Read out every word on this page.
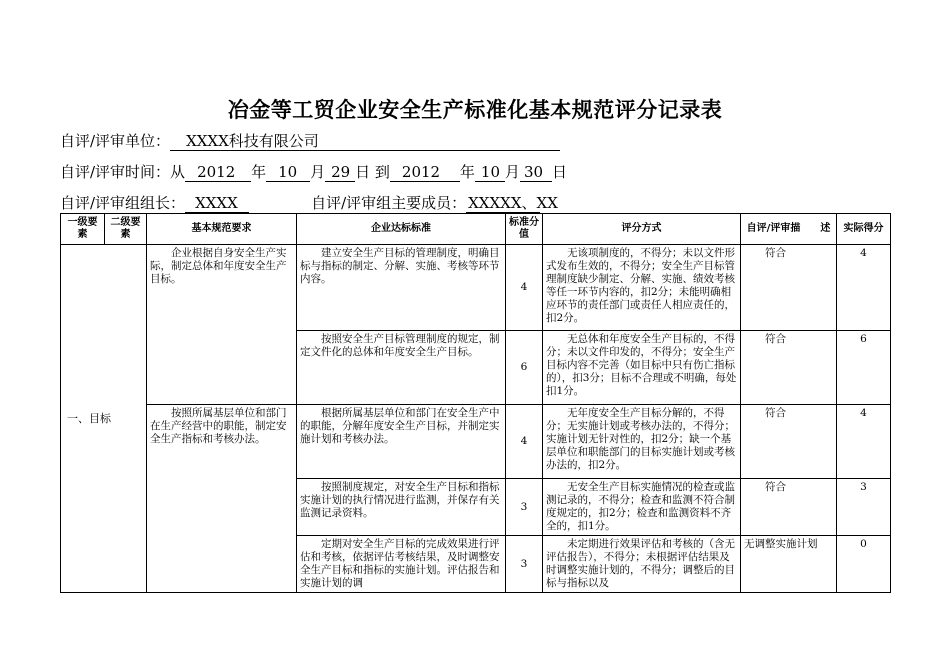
冶金等工贸企业安全生产标准化基本规范评分记录表
自评/评审单位： XXXX科技有限公司
自评/评审时间：从 2012 年 10 月 29 日 到 2012 年 10 月 30 日
自评/评审组组长： XXXX	自评/评审组主要成员： XXXXX、XX
一级要素	二级要素	基本规范要求	企业达标标准	标准分值	评分方式	自评/评审描　　述	实际得分
一、目标		企业根据自身安全生产实际，制定总体和年度安全生产目标。	建立安全生产目标的管理制度，明确目标与指标的制定、分解、实施、考核等环节内容。	4	无该项制度的，不得分；未以文件形式发布生效的，不得分；安全生产目标管理制度缺少制定、分解、实施、绩效考核等任一环节内容的，扣2分；未能明确相应环节的责任部门或责任人相应责任的，扣2分。	符合	4
			按照安全生产目标管理制度的规定，制定文件化的总体和年度安全生产目标。	6	无总体和年度安全生产目标的，不得分；未以文件印发的，不得分；安全生产目标内容不完善（如目标中只有伤亡指标的），扣3分；目标不合理或不明确，每处扣1分。	符合	6
		按照所属基层单位和部门在生产经营中的职能，制定安全生产指标和考核办法。	根据所属基层单位和部门在安全生产中的职能，分解年度安全生产目标，并制定实施计划和考核办法。	4	无年度安全生产目标分解的，不得分；无实施计划或考核办法的，不得分；实施计划无针对性的，扣2分；缺一个基层单位和职能部门的目标实施计划或考核办法的，扣2分。	符合	4
			按照制度规定，对安全生产目标和指标实施计划的执行情况进行监测，并保存有关监测记录资料。	3	无安全生产目标实施情况的检查或监测记录的，不得分；检查和监测不符合制度规定的，扣2分；检查和监测资料不齐全的，扣1分。	符合	3
			定期对安全生产目标的完成效果进行评估和考核，依据评估考核结果，及时调整安全生产目标和指标的实施计划。评估报告和实施计划的调	3	未定期进行效果评估和考核的（含无评估报告），不得分；未根据评估结果及时调整实施计划的，不得分；调整后的目标与指标以及	无调整实施计划	0
